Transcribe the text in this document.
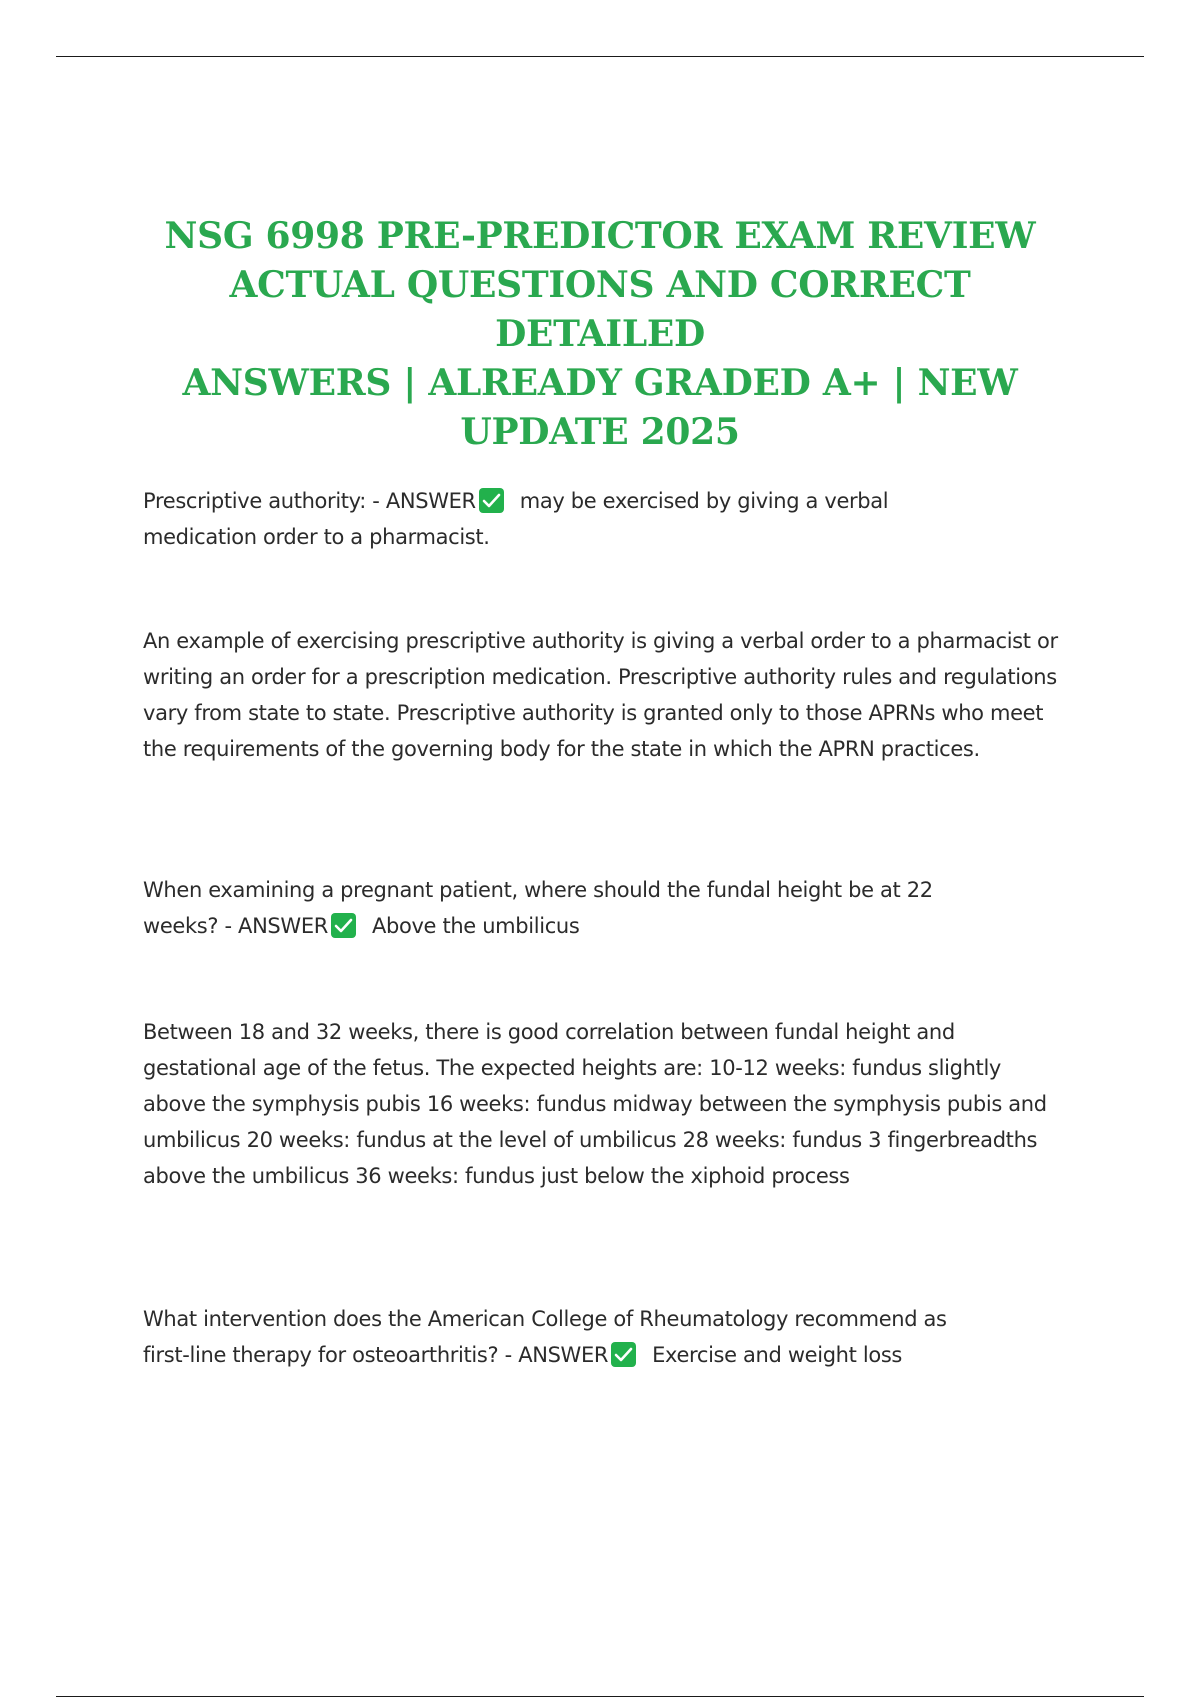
NSG 6998 PRE-PREDICTOR EXAM REVIEW
ACTUAL QUESTIONS AND CORRECT DETAILED
ANSWERS | ALREADY GRADED A+ | NEW
UPDATE 2025

Prescriptive authority: - ANSWER may be exercised by giving a verbal
medication order to a pharmacist.

An example of exercising prescriptive authority is giving a verbal order to a pharmacist or writing an order for a prescription medication. Prescriptive authority rules and regulations vary from state to state. Prescriptive authority is granted only to those APRNs who meet the requirements of the governing body for the state in which the APRN practices.

When examining a pregnant patient, where should the fundal height be at 22
weeks? - ANSWER Above the umbilicus

Between 18 and 32 weeks, there is good correlation between fundal height and gestational age of the fetus. The expected heights are: 10-12 weeks: fundus slightly above the symphysis pubis 16 weeks: fundus midway between the symphysis pubis and umbilicus 20 weeks: fundus at the level of umbilicus 28 weeks: fundus 3 fingerbreadths above the umbilicus 36 weeks: fundus just below the xiphoid process

What intervention does the American College of Rheumatology recommend as
first-line therapy for osteoarthritis? - ANSWER Exercise and weight loss
